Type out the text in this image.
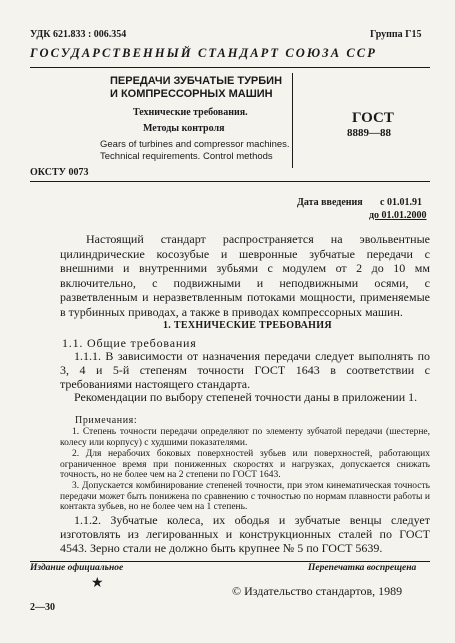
УДК 621.833 : 006.354	Группа Г15
ГОСУДАРСТВЕННЫЙ СТАНДАРТ СОЮЗА ССР
ПЕРЕДАЧИ ЗУБЧАТЫЕ ТУРБИН
И КОМПРЕССОРНЫХ МАШИН
Технические требования.
Методы контроля
Gears of turbines and compressor machines.
Technical requirements. Control methods
ГОСТ
8889—88
ОКСТУ 0073
Дата введения с 01.01.91
до 01.01.2000

Настоящий стандарт распространяется на эвольвентные цилиндрические косозубые и шевронные зубчатые передачи с внешними и внутренними зубьями с модулем от 2 до 10 мм включительно, с подвижными и неподвижными осями, с разветвленным и неразветвленным потоками мощности, применяемые в турбинных приводах, а также в приводах компрессорных машин.

1. ТЕХНИЧЕСКИЕ ТРЕБОВАНИЯ
1.1. Общие требования

1.1.1. В зависимости от назначения передачи следует выполнять по 3, 4 и 5-й степеням точности ГОСТ 1643 в соответствии с требованиями настоящего стандарта.

Рекомендации по выбору степеней точности даны в приложении 1.

Примечания:

1. Степень точности передачи определяют по элементу зубчатой передачи (шестерне, колесу или корпусу) с худшими показателями.

2. Для нерабочих боковых поверхностей зубьев или поверхностей, работающих ограниченное время при пониженных скоростях и нагрузках, допускается снижать точность, но не более чем на 2 степени по ГОСТ 1643.

3. Допускается комбинирование степеней точности, при этом кинематическая точность передачи может быть понижена по сравнению с точностью по нормам плавности работы и контакта зубьев, но не более чем на 1 степень.

1.1.2. Зубчатые колеса, их ободья и зубчатые венцы следует изготовлять из легированных и конструкционных сталей по ГОСТ 4543. Зерно стали не должно быть крупнее № 5 по ГОСТ 5639.

Издание официальное	Перепечатка воспрещена
★	© Издательство стандартов, 1989
2—30
